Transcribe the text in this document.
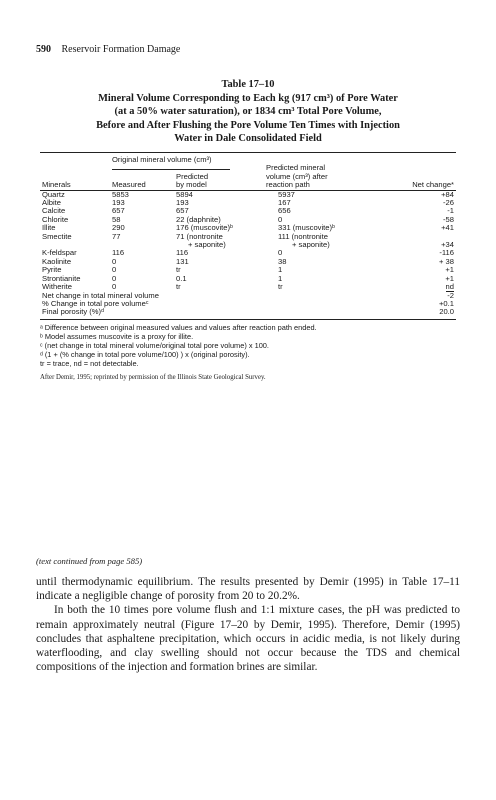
590 Reservoir Formation Damage
Table 17–10
Mineral Volume Corresponding to Each kg (917 cm³) of Pore Water
(at a 50% water saturation), or 1834 cm³ Total Pore Volume,
Before and After Flushing the Pore Volume Ten Times with Injection
Water in Dale Consolidated Field
	Original mineral volume (cm³)			
			Predicted mineral	
		Predicted	volume (cm³) after	
Minerals	Measured	by model	reaction path	Net change*
Quartz	5853	5894	5937	+84
Albite	193	193	167	-26
Calcite	657	657	656	-1
Chlorite	58	22 (daphnite)	0	-58
Illite	290	176 (muscovite)ᵇ	331 (muscovite)ᵇ	+41
Smectite	77	71 (nontronite	111 (nontronite	
		+ saponite)	+ saponite)	+34
K-feldspar	116	116	0	-116
Kaolinite	0	131	38	+ 38
Pyrite	0	tr	1	+1
Strontianite	0	0.1	1	+1
Witherite	0	tr	tr	nd
Net change in total mineral volume				-2
% Change in total pore volumeᶜ				+0.1
Final porosity (%)ᵈ				20.0
ᵃ Difference between original measured values and values after reaction path ended.
ᵇ Model assumes muscovite is a proxy for illite.
ᶜ (net change in total mineral volume/original total pore volume) x 100.
ᵈ (1 + (% change in total pore volume/100) ) x (original porosity).
tr = trace, nd = not detectable.
After Demir, 1995; reprinted by permission of the Illinois State Geological Survey.
(text continued from page 585)

until thermodynamic equilibrium. The results presented by Demir (1995) in Table 17–11 indicate a negligible change of porosity from 20 to 20.2%.

In both the 10 times pore volume flush and 1:1 mixture cases, the pH was predicted to remain approximately neutral (Figure 17–20 by Demir, 1995). Therefore, Demir (1995) concludes that asphaltene precipitation, which occurs in acidic media, is not likely during waterflooding, and clay swelling should not occur because the TDS and chemical compositions of the injection and formation brines are similar.
